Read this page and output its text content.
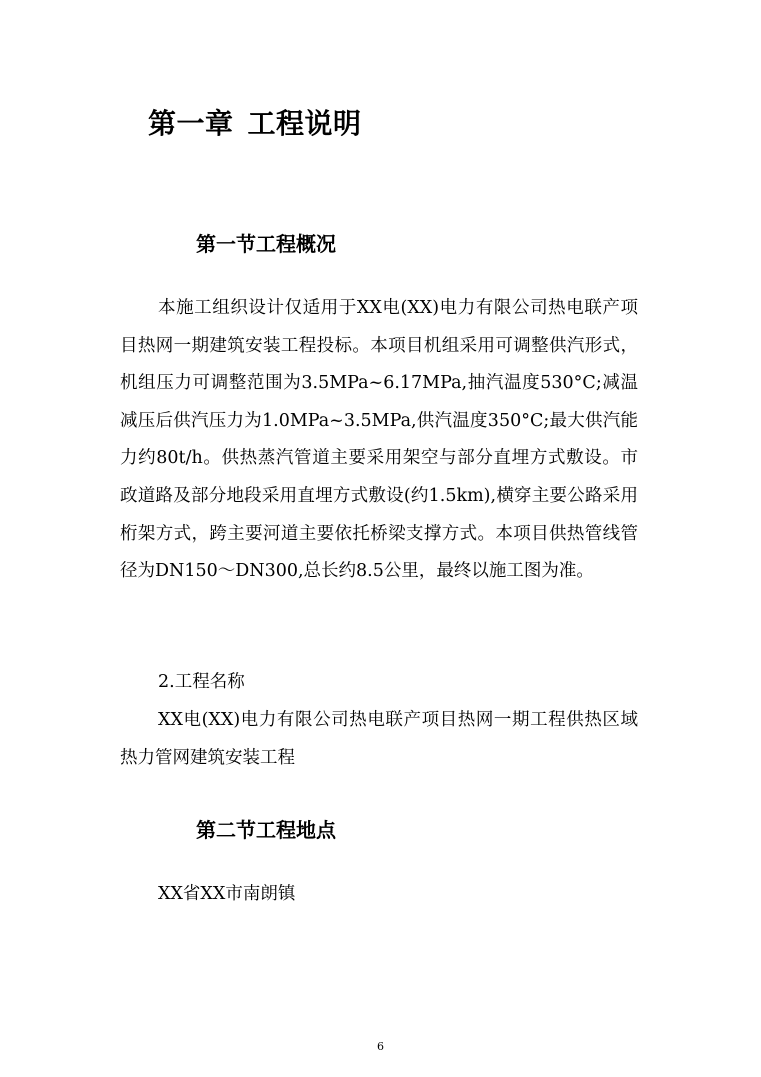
第一章 工程说明
第一节工程概况

本施工组织设计仅适用于XX电(XX)电力有限公司热电联产项目热网一期建筑安装工程投标。本项目机组采用可调整供汽形式，机组压力可调整范围为3.5MPa~6.17MPa,抽汽温度530°C;减温减压后供汽压力为1.0MPa~3.5MPa,供汽温度350°C;最大供汽能力约80t/h。供热蒸汽管道主要采用架空与部分直埋方式敷设。市政道路及部分地段采用直埋方式敷设(约1.5km),横穿主要公路采用桁架方式，跨主要河道主要依托桥梁支撑方式。本项目供热管线管径为DN150～DN300,总长约8.5公里，最终以施工图为准。

2.工程名称

XX电(XX)电力有限公司热电联产项目热网一期工程供热区域热力管网建筑安装工程

第二节工程地点

XX省XX市南朗镇

6
